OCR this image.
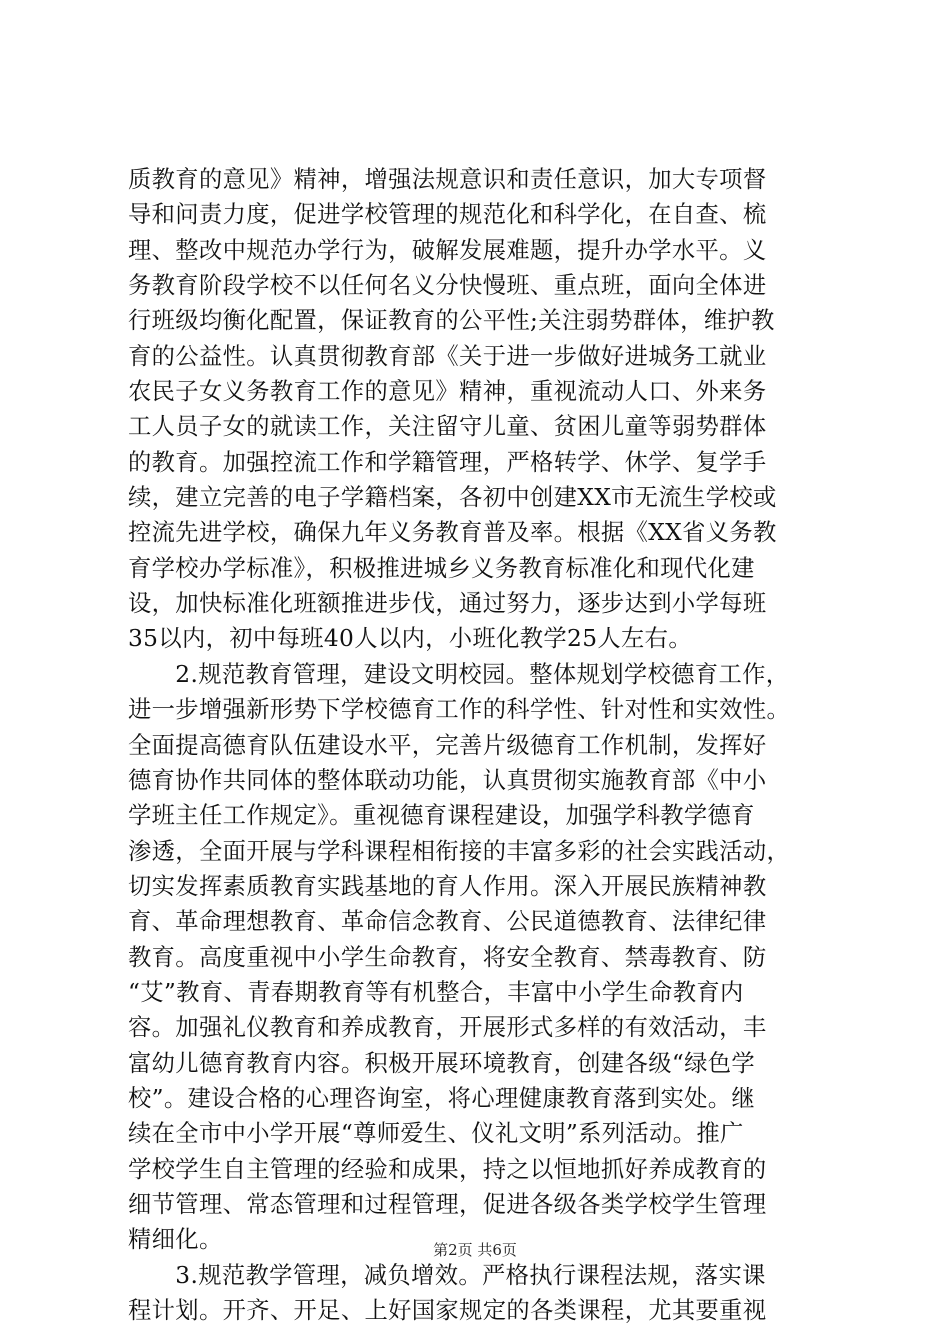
质教育的意见》精神，增强法规意识和责任意识，加大专项督
导和问责力度，促进学校管理的规范化和科学化，在自查、梳
理、整改中规范办学行为，破解发展难题，提升办学水平。义
务教育阶段学校不以任何名义分快慢班、重点班，面向全体进
行班级均衡化配置，保证教育的公平性;关注弱势群体，维护教
育的公益性。认真贯彻教育部《关于进一步做好进城务工就业
农民子女义务教育工作的意见》精神，重视流动人口、外来务
工人员子女的就读工作，关注留守儿童、贫困儿童等弱势群体
的教育。加强控流工作和学籍管理，严格转学、休学、复学手
续，建立完善的电子学籍档案，各初中创建XX市无流生学校或
控流先进学校，确保九年义务教育普及率。根据《XX省义务教
育学校办学标准》，积极推进城乡义务教育标准化和现代化建
设，加快标准化班额推进步伐，通过努力，逐步达到小学每班
35以内，初中每班40人以内，小班化教学25人左右。
　　2.规范教育管理，建设文明校园。整体规划学校德育工作，
进一步增强新形势下学校德育工作的科学性、针对性和实效性。
全面提高德育队伍建设水平，完善片级德育工作机制，发挥好
德育协作共同体的整体联动功能，认真贯彻实施教育部《中小
学班主任工作规定》。重视德育课程建设，加强学科教学德育
渗透，全面开展与学科课程相衔接的丰富多彩的社会实践活动，
切实发挥素质教育实践基地的育人作用。深入开展民族精神教
育、革命理想教育、革命信念教育、公民道德教育、法律纪律
教育。高度重视中小学生命教育，将安全教育、禁毒教育、防
“艾”教育、青春期教育等有机整合，丰富中小学生命教育内
容。加强礼仪教育和养成教育，开展形式多样的有效活动，丰
富幼儿德育教育内容。积极开展环境教育，创建各级“绿色学
校”。建设合格的心理咨询室，将心理健康教育落到实处。继
续在全市中小学开展“尊师爱生、仪礼文明”系列活动。推广
学校学生自主管理的经验和成果，持之以恒地抓好养成教育的
细节管理、常态管理和过程管理，促进各级各类学校学生管理
精细化。
　　3.规范教学管理，减负增效。严格执行课程法规，落实课
程计划。开齐、开足、上好国家规定的各类课程，尤其要重视
第2页 共6页
